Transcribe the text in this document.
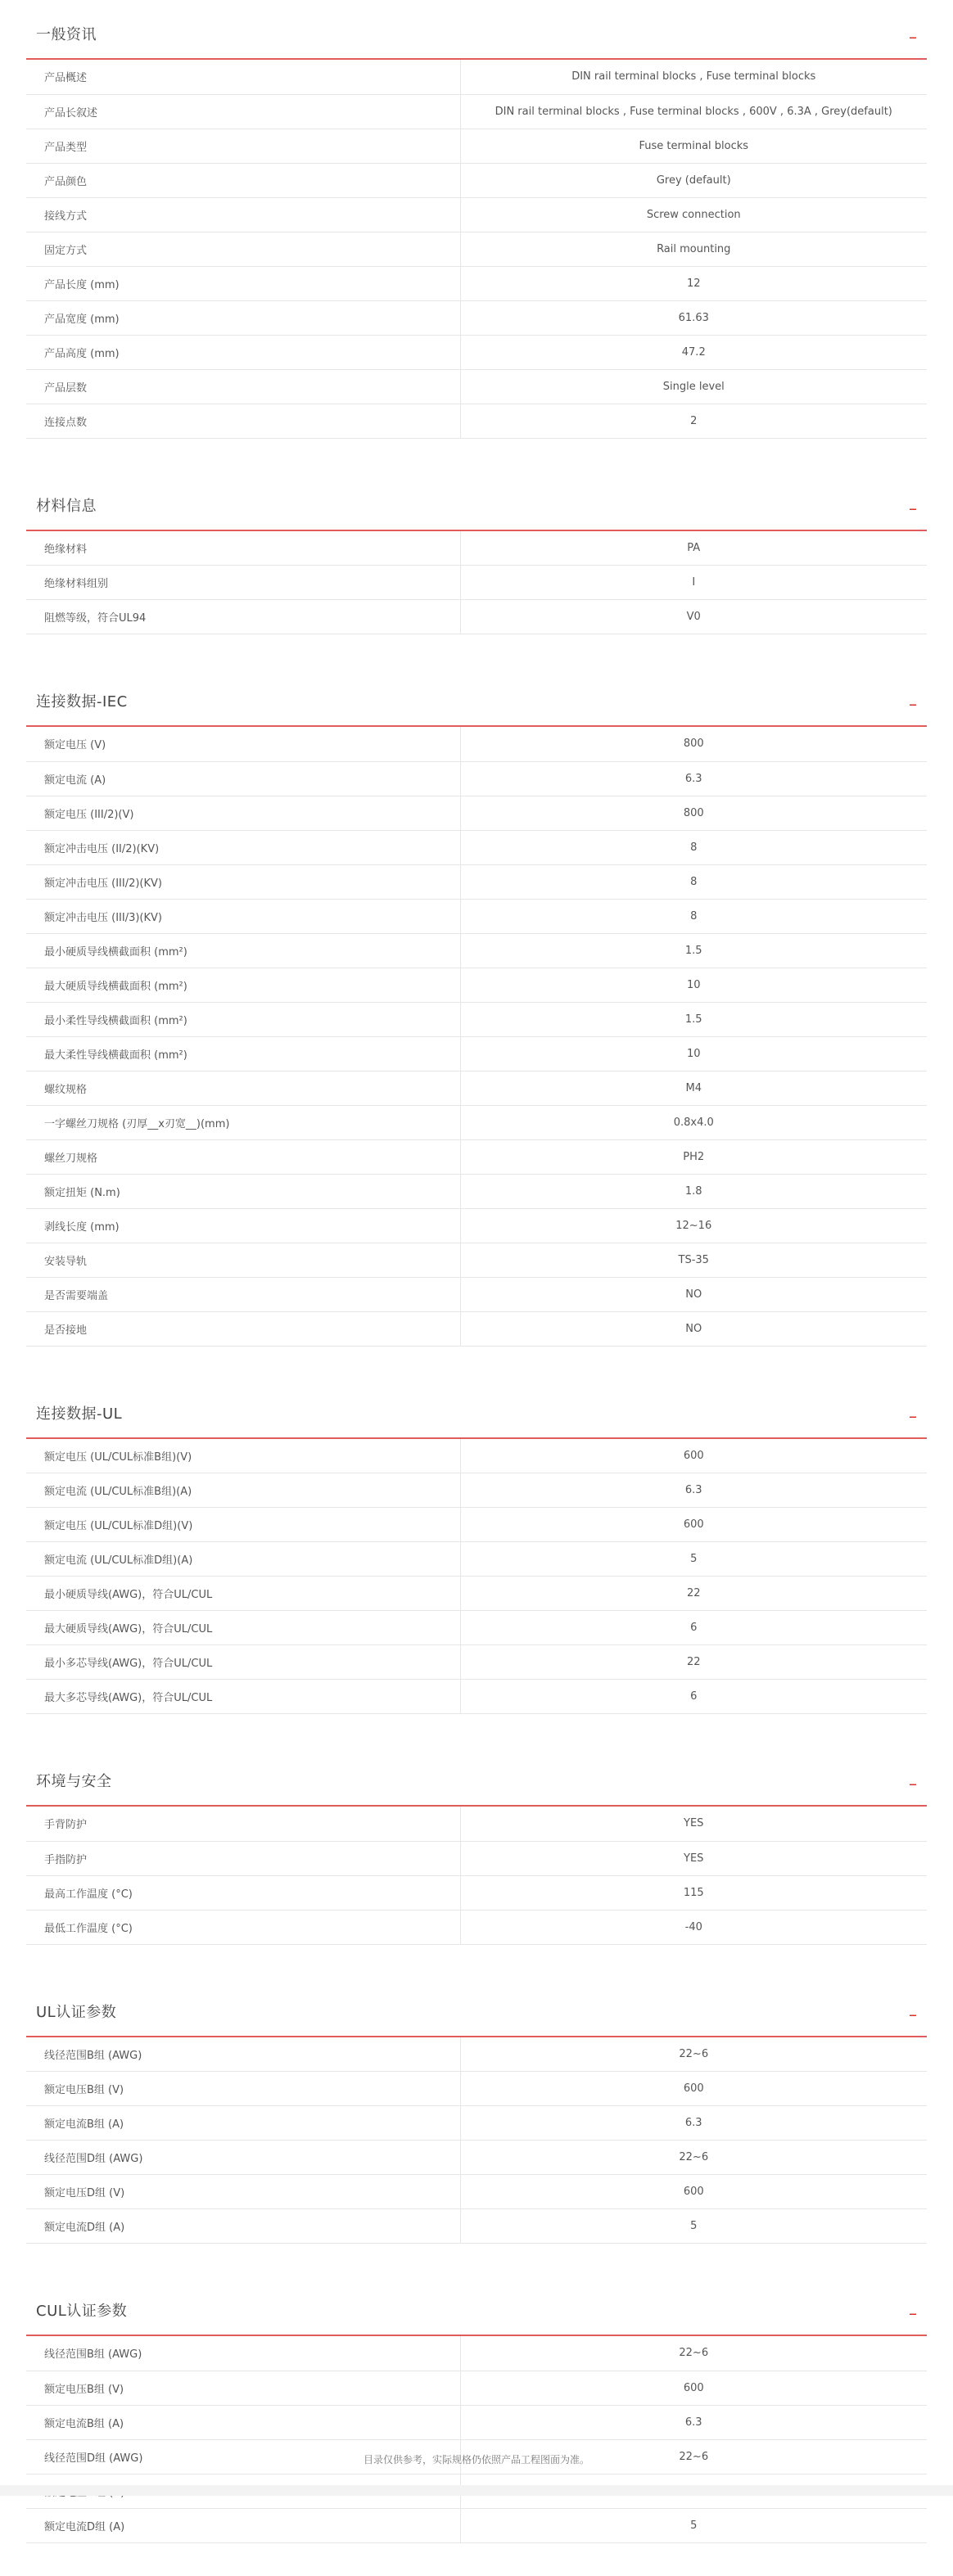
一般资讯	_
产品概述	DIN rail terminal blocks , Fuse terminal blocks
产品长叙述	DIN rail terminal blocks , Fuse terminal blocks , 600V , 6.3A , Grey(default)
产品类型	Fuse terminal blocks
产品颜色	Grey (default)
接线方式	Screw connection
固定方式	Rail mounting
产品长度 (mm)	12
产品宽度 (mm)	61.63
产品高度 (mm)	47.2
产品层数	Single level
连接点数	2
材料信息	_
绝缘材料	PA
绝缘材料组别	I
阻燃等级，符合UL94	V0
连接数据-IEC	_
额定电压 (V)	800
额定电流 (A)	6.3
额定电压 (III/2)(V)	800
额定冲击电压 (II/2)(KV)	8
额定冲击电压 (III/2)(KV)	8
额定冲击电压 (III/3)(KV)	8
最小硬质导线横截面积 (mm²)	1.5
最大硬质导线横截面积 (mm²)	10
最小柔性导线横截面积 (mm²)	1.5
最大柔性导线横截面积 (mm²)	10
螺纹规格	M4
一字螺丝刀规格 (刃厚__x刃宽__)(mm)	0.8x4.0
螺丝刀规格	PH2
额定扭矩 (N.m)	1.8
剥线长度 (mm)	12~16
安装导轨	TS-35
是否需要端盖	NO
是否接地	NO
连接数据-UL	_
额定电压 (UL/CUL标准B组)(V)	600
额定电流 (UL/CUL标准B组)(A)	6.3
额定电压 (UL/CUL标准D组)(V)	600
额定电流 (UL/CUL标准D组)(A)	5
最小硬质导线(AWG)，符合UL/CUL	22
最大硬质导线(AWG)，符合UL/CUL	6
最小多芯导线(AWG)，符合UL/CUL	22
最大多芯导线(AWG)，符合UL/CUL	6
环境与安全	_
手背防护	YES
手指防护	YES
最高工作温度 (°C)	115
最低工作温度 (°C)	-40
UL认证参数	_
线径范围B组 (AWG)	22~6
额定电压B组 (V)	600
额定电流B组 (A)	6.3
线径范围D组 (AWG)	22~6
额定电压D组 (V)	600
额定电流D组 (A)	5
CUL认证参数	_
线径范围B组 (AWG)	22~6
额定电压B组 (V)	600
额定电流B组 (A)	6.3
线径范围D组 (AWG)	22~6

额定电流D组 (A)	5
目录仅供参考，实际规格仍依照产品工程图面为准。
